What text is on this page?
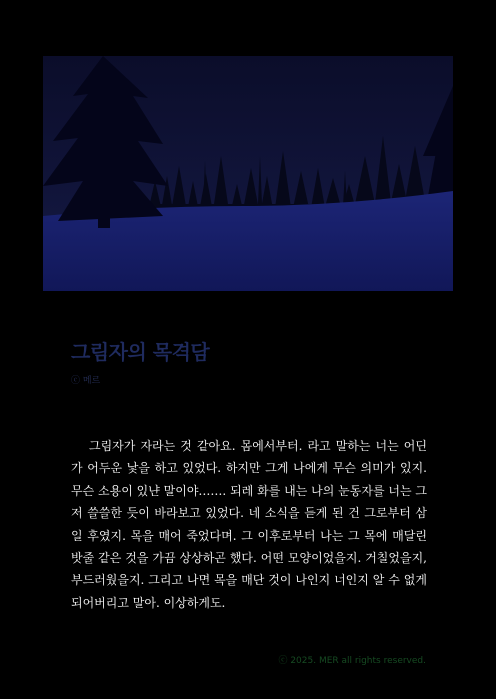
그림자의 목격담
ⓒ 메르

그림자가 자라는 것 같아요. 몸에서부터. 라고 말하는 너는 어딘가 어두운 낯을 하고 있었다. 하지만 그게 나에게 무슨 의미가 있지. 무슨 소용이 있냔 말이야……. 되레 화를 내는 나의 눈동자를 너는 그저 쓸쓸한 듯이 바라보고 있었다. 네 소식을 듣게 된 건 그로부터 삼일 후였지. 목을 매어 죽었다며. 그 이후로부터 나는 그 목에 매달린 밧줄 같은 것을 가끔 상상하곤 했다. 어떤 모양이었을지. 거칠었을지, 부드러웠을지. 그리고 나면 목을 매단 것이 나인지 너인지 알 수 없게 되어버리고 말아. 이상하게도.

ⓒ 2025. MER all rights reserved.
